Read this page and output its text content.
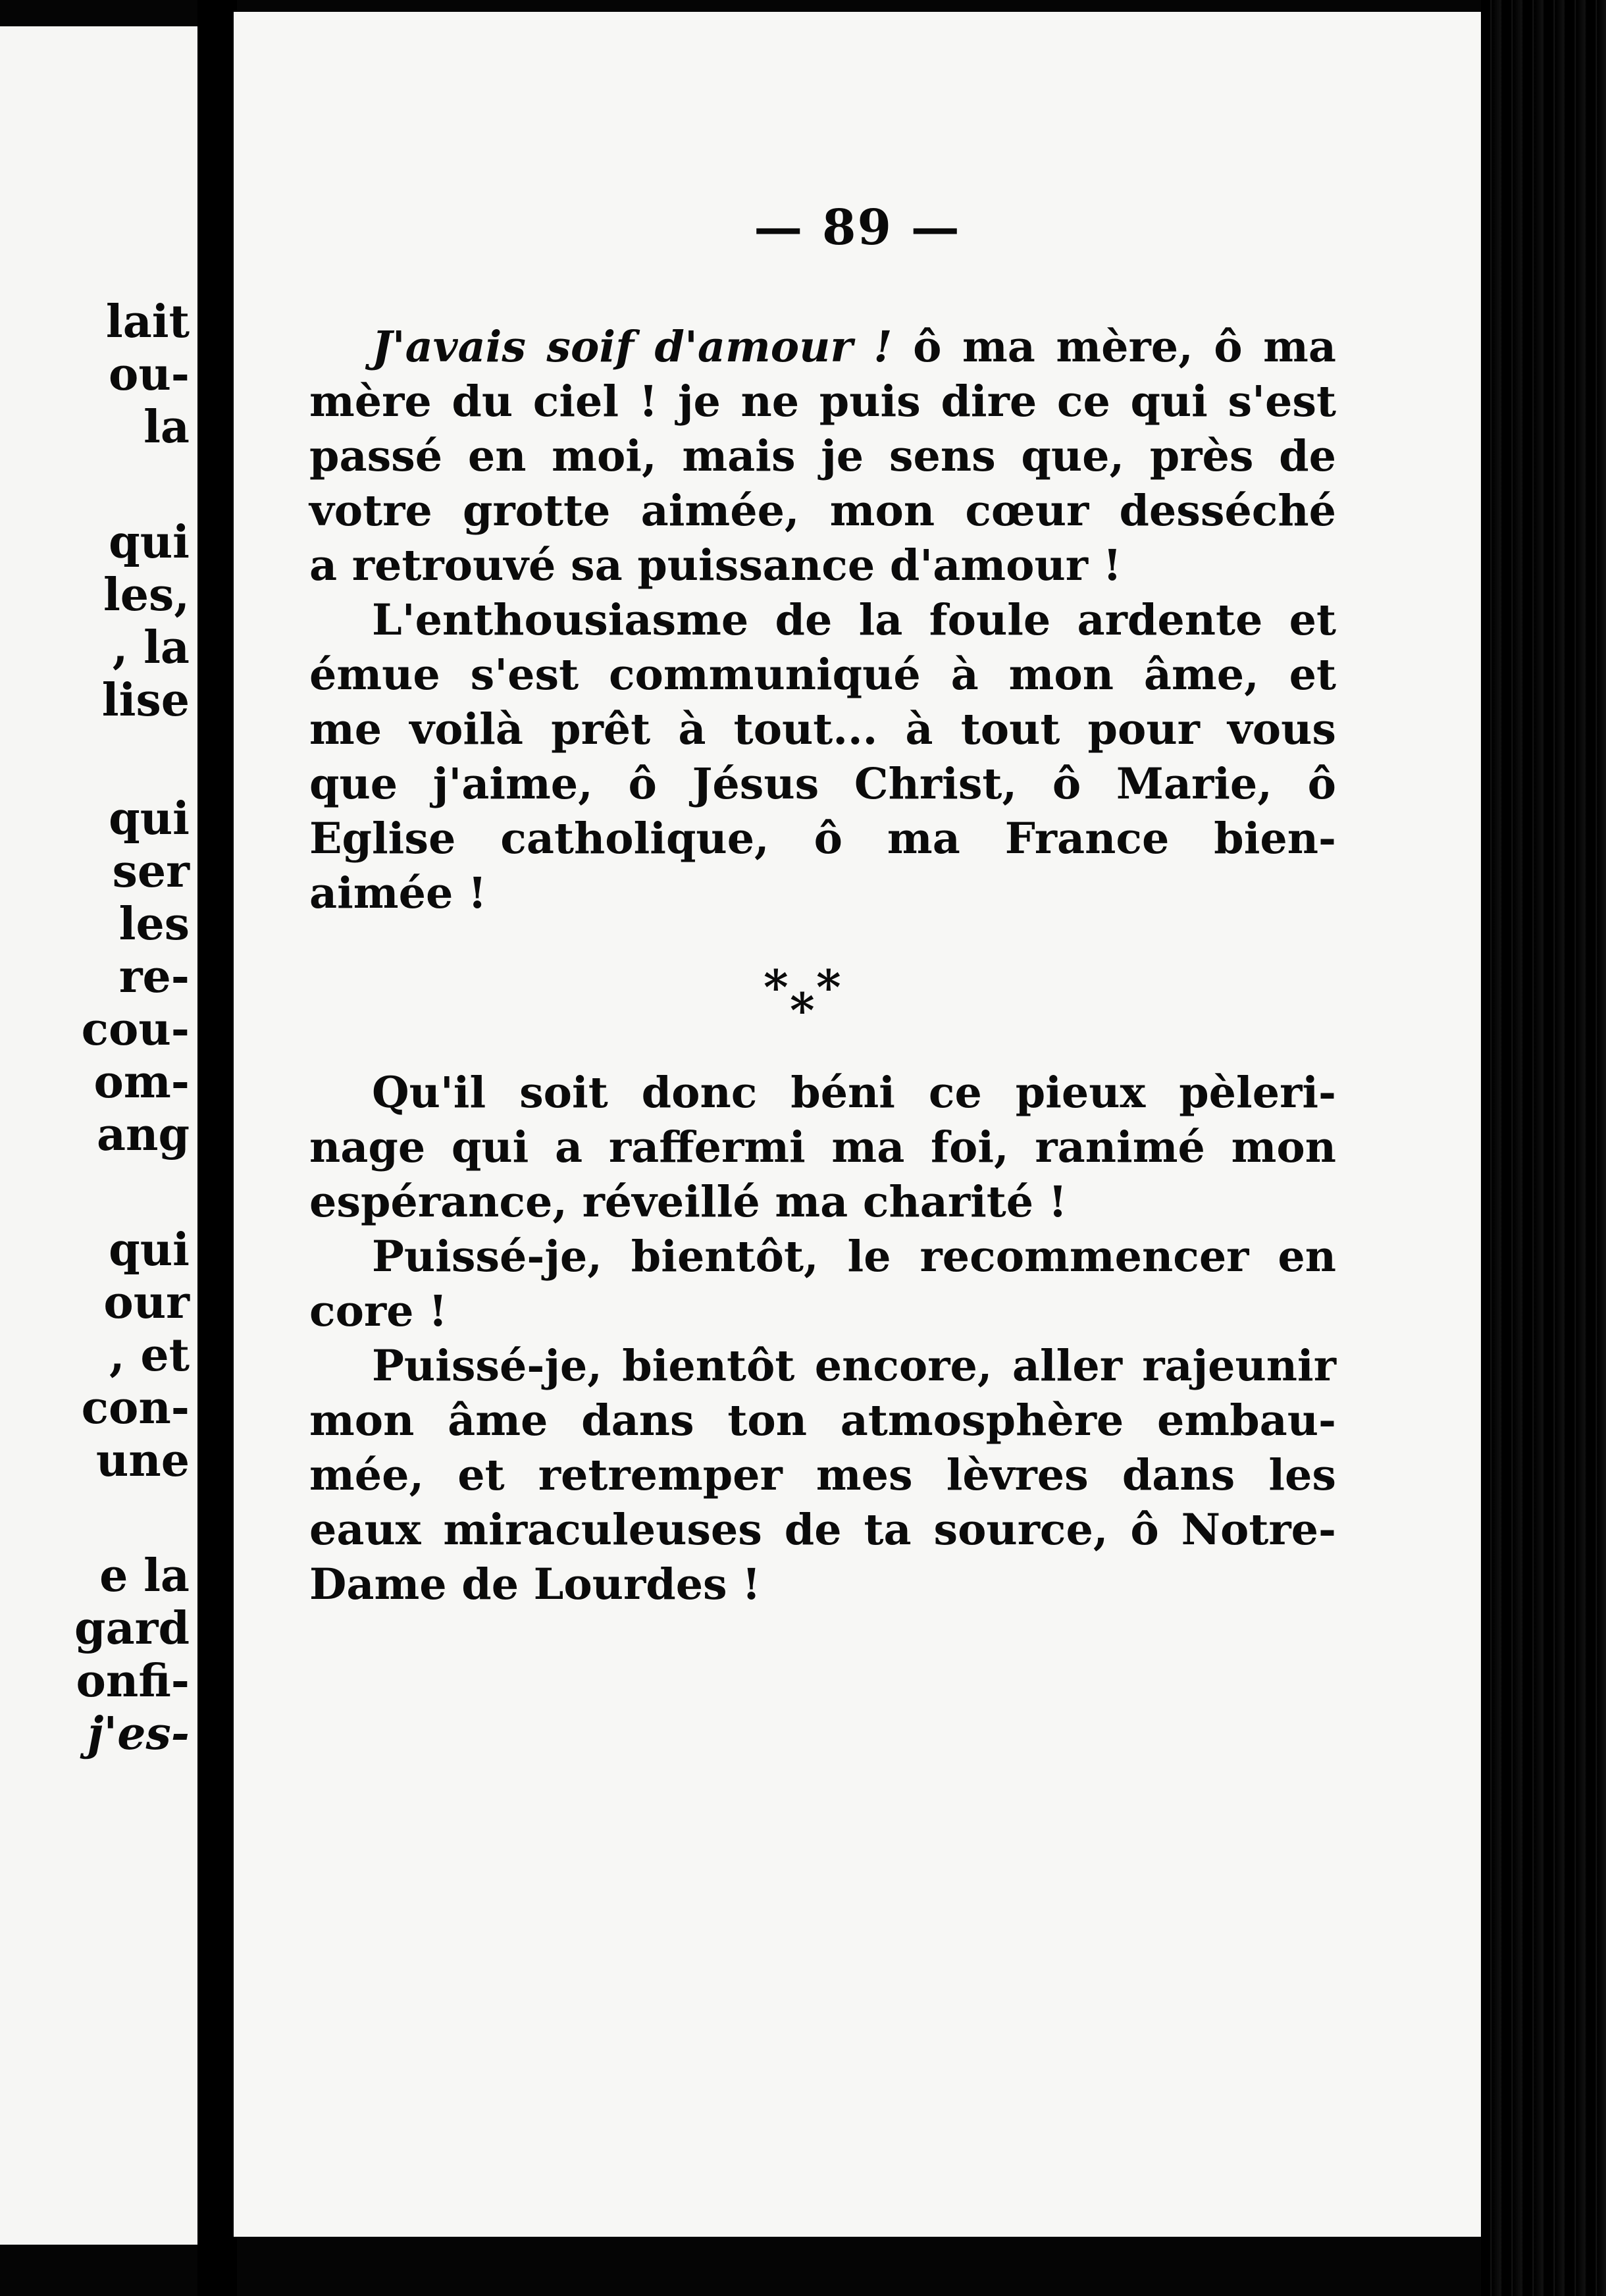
lait
ou-
la
qui
les,
, la
lise
qui
ser
les
re-
cou-
om-
ang
qui
our
, et
con-
une
e la
gard
onfi-
j'es-
— 89 —
J'avais soif d'amour ! ô ma mère, ô ma
mère du ciel ! je ne puis dire ce qui s'est
passé en moi, mais je sens que, près de
votre grotte aimée, mon cœur desséché
a retrouvé sa puissance d'amour !
L'enthousiasme de la foule ardente et
émue s'est communiqué à mon âme, et
me voilà prêt à tout... à tout pour vous
que j'aime, ô Jésus Christ, ô Marie, ô
Eglise catholique, ô ma France bien-
aimée !
* *
*
Qu'il soit donc béni ce pieux pèleri-
nage qui a raffermi ma foi, ranimé mon
espérance, réveillé ma charité !
Puissé-je, bientôt, le recommencer en
core !
Puissé-je, bientôt encore, aller rajeunir
mon âme dans ton atmosphère embau-
mée, et retremper mes lèvres dans les
eaux miraculeuses de ta source, ô Notre-
Dame de Lourdes !
